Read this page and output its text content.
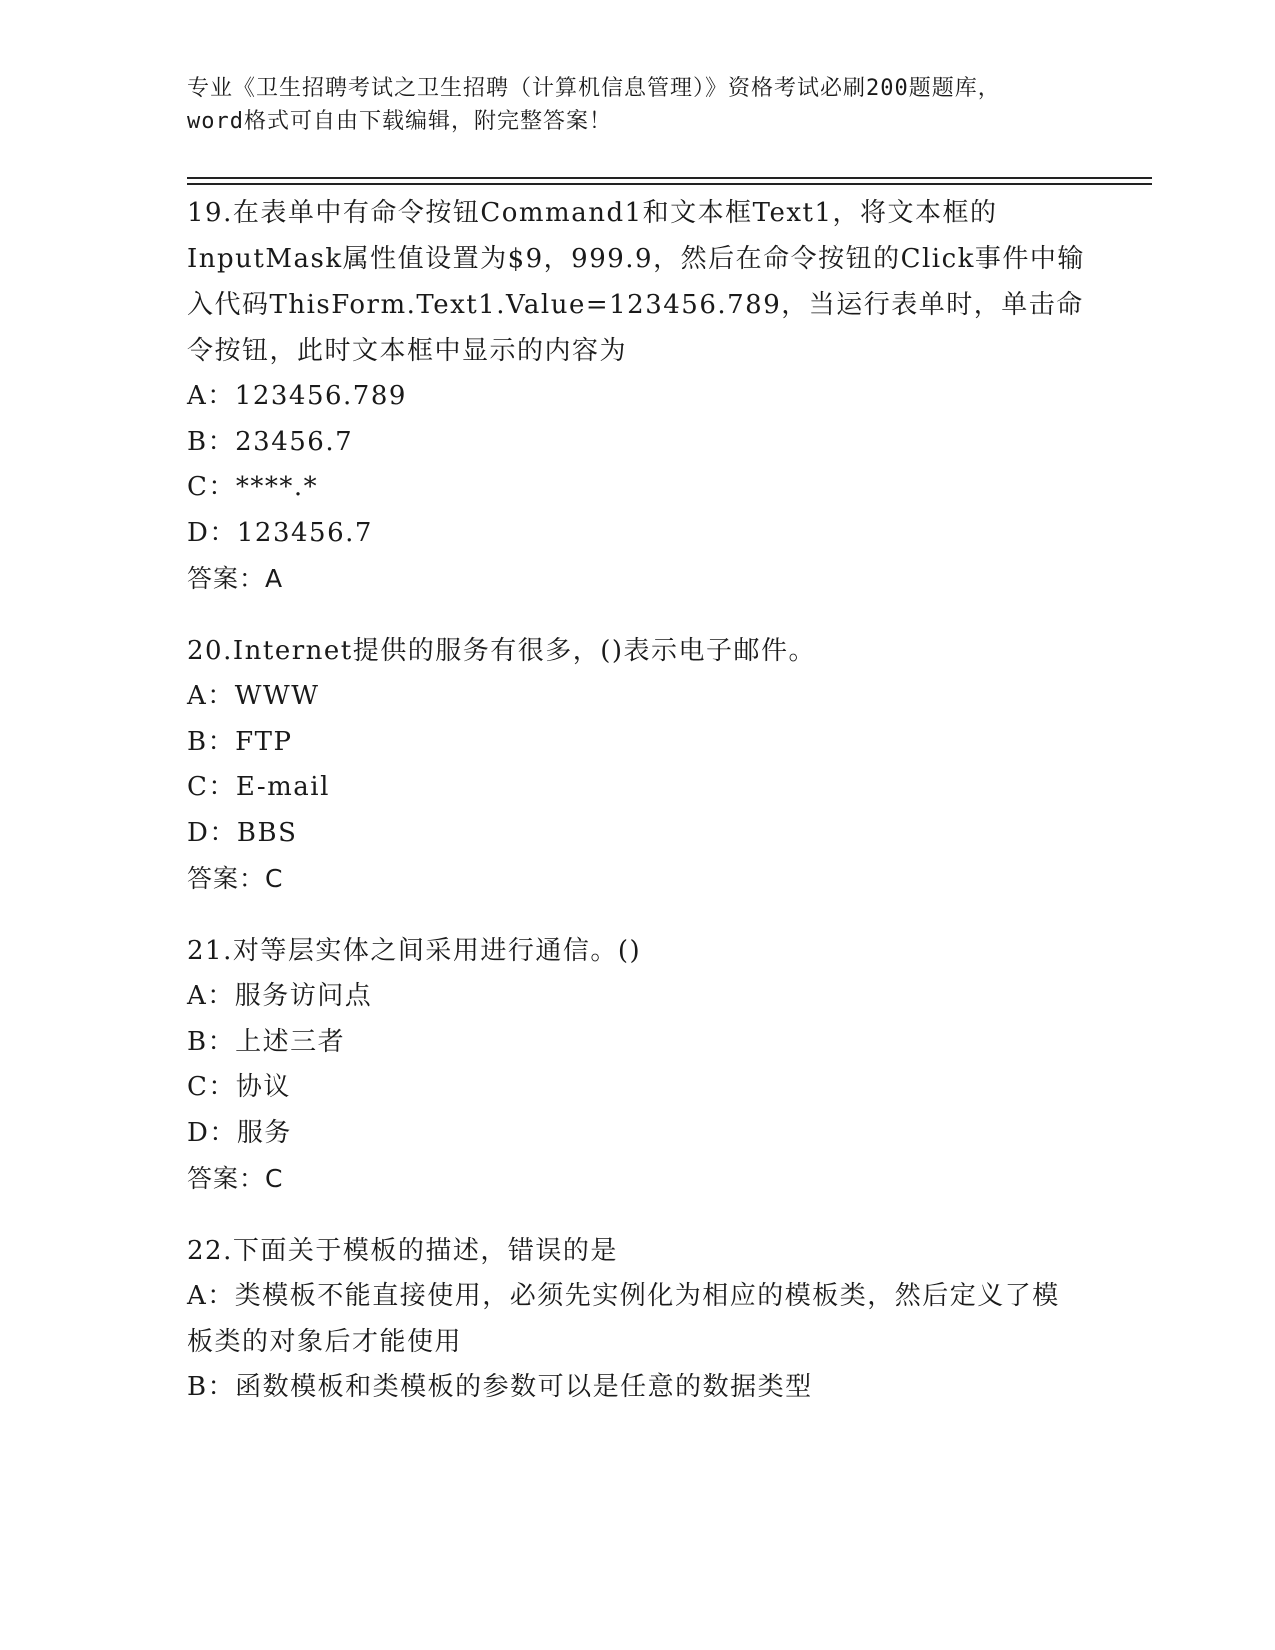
专业《卫生招聘考试之卫生招聘（计算机信息管理）》资格考试必刷200题题库，
word格式可自由下载编辑，附完整答案！
19.在表单中有命令按钮Command1和文本框Text1，将文本框的InputMask属性值设置为$9，999.9，然后在命令按钮的Click事件中输入代码ThisForm.Text1.Value=123456.789，当运行表单时，单击命令按钮，此时文本框中显示的内容为
A：123456.789
B：23456.7
C：****.*
D：123456.7
答案：A
20.Internet提供的服务有很多，()表示电子邮件。
A：WWW
B：FTP
C：E-mail
D：BBS
答案：C
21.对等层实体之间采用进行通信。()
A：服务访问点
B：上述三者
C：协议
D：服务
答案：C
22.下面关于模板的描述，错误的是
A：类模板不能直接使用，必须先实例化为相应的模板类，然后定义了模板类的对象后才能使用
B：函数模板和类模板的参数可以是任意的数据类型
